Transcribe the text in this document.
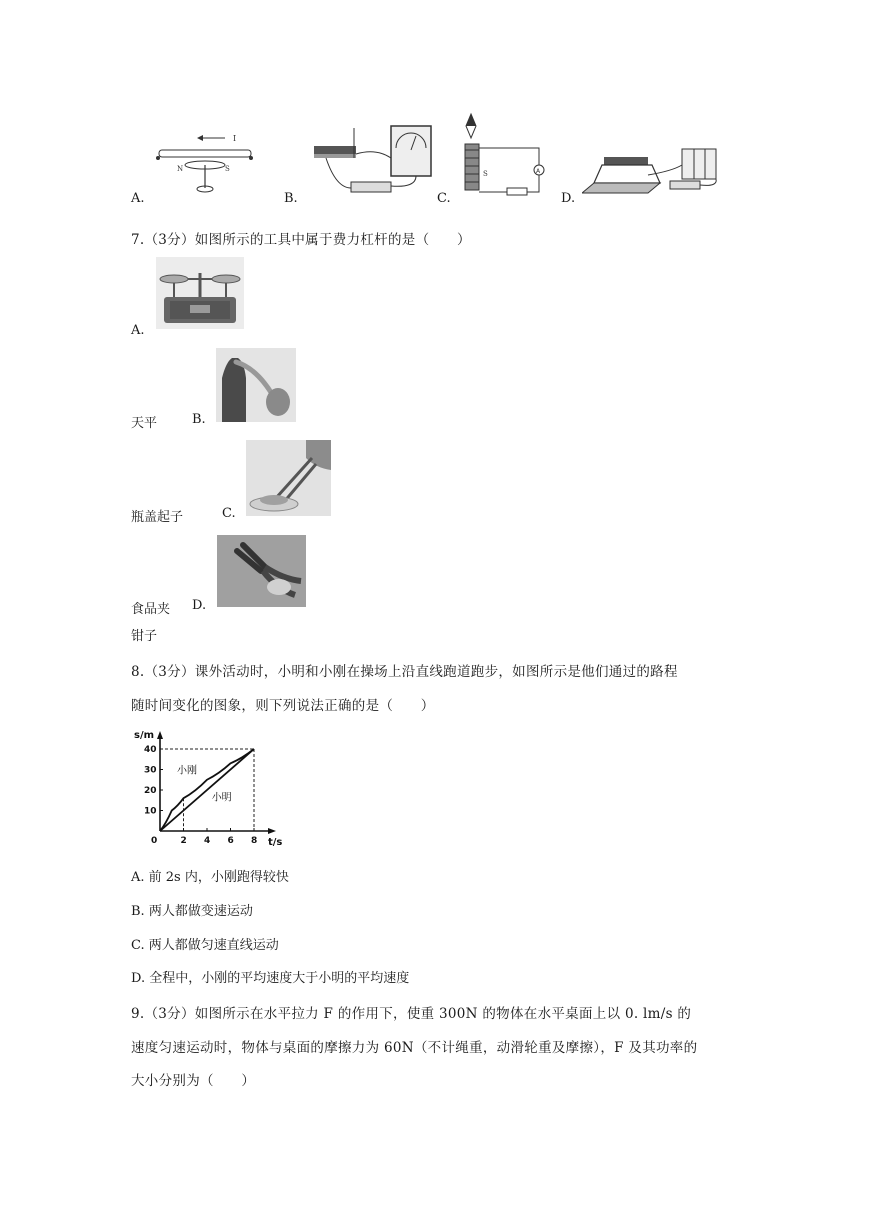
A.
I
N	S
B.	C.
S	A
D.
7.（3分）如图所示的工具中属于费力杠杆的是（　　）
A.
天平	B.
瓶盖起子	C.
食品夹 D.
钳子
8.（3分）课外活动时，小明和小刚在操场上沿直线跑道跑步，如图所示是他们通过的路程
随时间变化的图象，则下列说法正确的是（　　）
s/m
t/s
0	2 4 6 8
10
20
30
40
小刚
小明
A. 前 2s 内，小刚跑得较快
B. 两人都做变速运动
C. 两人都做匀速直线运动
D. 全程中，小刚的平均速度大于小明的平均速度
9.（3分）如图所示在水平拉力 F 的作用下，使重 300N 的物体在水平桌面上以 0. lm/s 的
速度匀速运动时，物体与桌面的摩擦力为 60N（不计绳重，动滑轮重及摩擦），F 及其功率的
大小分别为（　　）
